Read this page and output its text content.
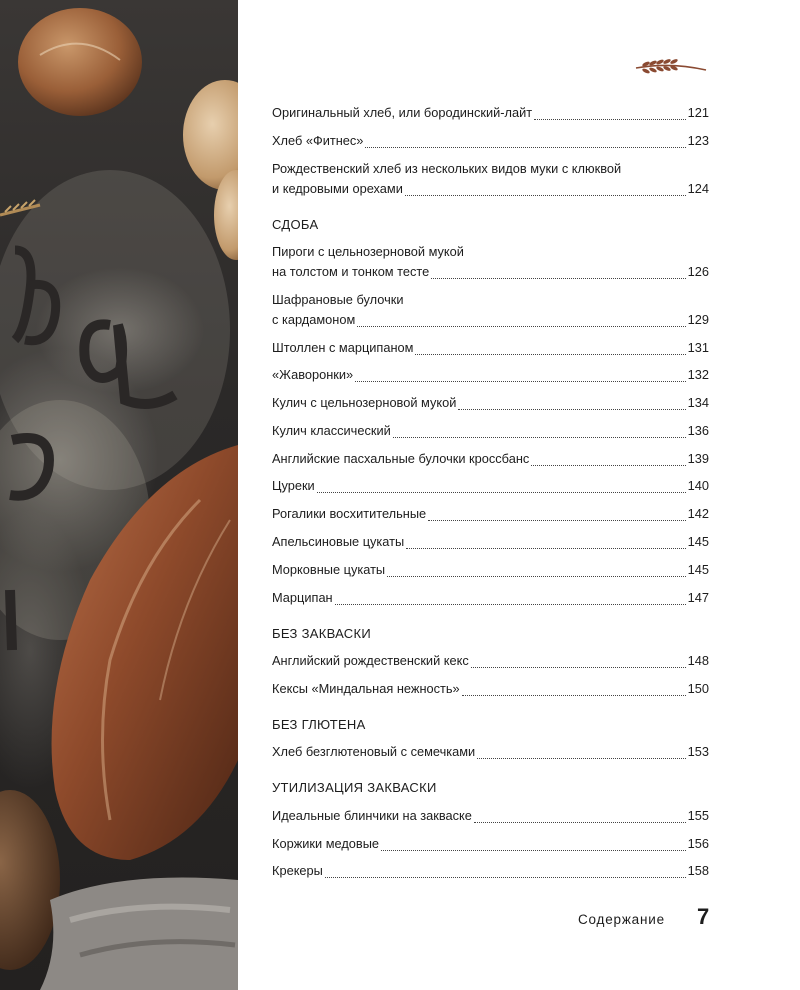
Оригинальный хлеб, или бородинский-лайт	121
Хлеб «Фитнес»	123
Рождественский хлеб из нескольких видов муки с клюквой
и кедровыми орехами	124
СДОБА
Пироги с цельнозерновой мукой
на толстом и тонком тесте	126
Шафрановые булочки
с кардамоном	129
Штоллен с марципаном	131
«Жаворонки»	132
Кулич с цельнозерновой мукой	134
Кулич классический	136
Английские пасхальные булочки кроссбанс	139
Цуреки	140
Рогалики восхитительные	142
Апельсиновые цукаты	145
Морковные цукаты	145
Марципан	147
БЕЗ ЗАКВАСКИ
Английский рождественский кекс	148
Кексы «Миндальная нежность»	150
БЕЗ ГЛЮТЕНА
Хлеб безглютеновый с семечками	153
УТИЛИЗАЦИЯ ЗАКВАСКИ
Идеальные блинчики на закваске	155
Коржики медовые	156
Крекеры	158
Содержание 7
